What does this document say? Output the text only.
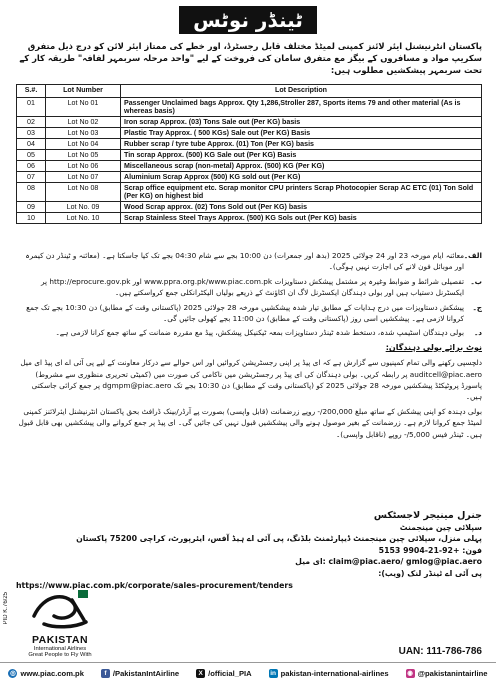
ٹینڈر نوٹس
پاکستان انٹرنیشنل ایئر لائنز کمپنی لمیٹڈ مختلف قابل رجسٹرڈ، اور خطے کی ممتاز ایئر لائن کو درج ذیل متفرق سکریپ مواد و مسافروں کے بیگز مع متفرق سامان کی فروخت کے لیے "واحد مرحلہ سربمہر لفافہ" طریقہ کار کے تحت سربمہر پیشکشیں مطلوب ہیں:
S.#.	Lot Number	Lot Description
01	Lot No 01	Passenger Unclaimed bags Approx. Qty 1,286,Stroller 287, Sports items 79 and other material (As is whereas basis)
02	Lot No 02	Iron scrap Approx. (03) Tons Sale out (Per KG) basis
03	Lot No 03	Plastic Tray Approx. ( 500 KGs) Sale out (Per KG) Basis
04	Lot No 04	Rubber scrap / tyre tube Approx. (01) Ton (Per KG) basis
05	Lot No 05	Tin scrap Approx. (500) KG Sale out (Per KG) Basis
06	Lot No 06	Miscellaneous scrap (non-metal) Approx. (500) KG (Per KG)
07	Lot No 07	Aluminium Scrap Approx (500) KG sold out (Per KG)
08	Lot No 08	Scrap office equipment etc. Scrap monitor CPU printers Scrap Photocopier Scrap AC ETC (01) Ton Sold (Per KG) on highest bid
09	Lot No. 09	Wood Scrap approx. (02) Tons Sold out (Per KG) basis
10	Lot No. 10	Scrap Stainless Steel Trays Approx. (500) KG Sols out (Per KG) basis
الف۔
معائنہ ایام مورخہ 23 اور 24 جولائی 2025 (بدھ اور جمعرات) دن 10:00 بجے سے شام 04:30 بجے تک کیا جاسکتا ہے۔ (معائنہ و ٹینڈر دن کیمرہ اور موبائل فون لانے کی اجازت نہیں ہوگی)۔
ب۔
تفصیلی شرائط و ضوابط وغیرہ پر مشتمل پیشکش دستاویزات www.ppra.org.pk/www.piac.com.pk اور http://eprocure.gov.pk پر ایکسٹرنل دستیاب ہیں اور بولی دہندگان ایکسٹرنل لاگ ان اکاؤنٹ کے ذریعے بولیاں الیکٹرانکلی جمع کرواسکتے ہیں۔
ج۔
پیشکش دستاویزات میں درج ہدایات کے مطابق تیار شدہ پیشکشیں مورخہ 28 جولائی 2025 (پاکستانی وقت کے مطابق) دن 10:30 بجے تک جمع کروانا لازمی ہے۔ پیشکشیں اسی روز (پاکستانی وقت کے مطابق) دن 11:00 بجے کھولی جائیں گی۔
د۔
بولی دہندگان اسٹیمپ شدہ، دستخط شدہ ٹینڈر دستاویزات بمعہ ٹیکنیکل پیشکش، پیڈ مع مقررہ ضمانت کے ساتھ جمع کرانا لازمی ہے۔
نوٹ برائے بولی دہندگان:
دلچسپی رکھنے والی تمام کمپنیوں سے گزارش ہے کہ ای پیڈ پر اپنی رجسٹریشن کروائیں اور اس حوالے سے درکار معاونت کے لیے پی آئی اے ای پیڈ ای میل auditcell@piac.aero پر رابطہ کریں۔ بولی دہندگان کی ای پیڈ پر رجسٹریشن میں ناکامی کی صورت میں (کمیٹی تحریری منظوری سے مشروط) پاسورڈ پروٹیکٹڈ پیشکشیں مورخہ 28 جولائی 2025 کو (پاکستانی وقت کے مطابق) دن 10:30 بجے تک dgmpm@piac.aero پر جمع کرائی جاسکتی ہیں۔
بولی دہندہ کو اپنی پیشکش کے ساتھ مبلغ 200,000/- روپے زرضمانت (قابل واپسی) بصورت پے آرڈر/بینک ڈرافٹ بحق پاکستان انٹرنیشنل ایئرلائنز کمپنی لمیٹڈ جمع کروانا لازم ہے۔ زرضمانت کے بغیر موصول ہونے والی پیشکشیں قبول نہیں کی جائیں گی۔ ای پیڈ پر جمع کروانے والی پیشکشیں بھی قابل قبول ہیں۔ ٹینڈر فیس 5,000/- روپے (ناقابل واپسی)۔
جنرل مینیجر لاجسٹکس
سپلائی چین مینجمنٹ
پہلی منزل، سپلائی چین مینجمنٹ ڈیپارٹمنٹ بلڈنگ، پی آئی اے ہیڈ آفس، ایئرپورٹ، کراچی 75200 پاکستان
فون: +92-21-9904 5153
claim@piac.aero/ gmlog@piac.aero :ای میل
پی آئی اے ٹینڈر لنک (ویب):
https://www.piac.com.pk/corporate/sales-procurement/tenders
PID K.76/25
PAKISTAN
International Airlines
Great People to Fly With	UAN: 111-786-786
◎ www.piac.com.pk	f /PakistanIntAirline	X /official_PIA	in pakistan-international-airlines	◉ @pakistanintairline
